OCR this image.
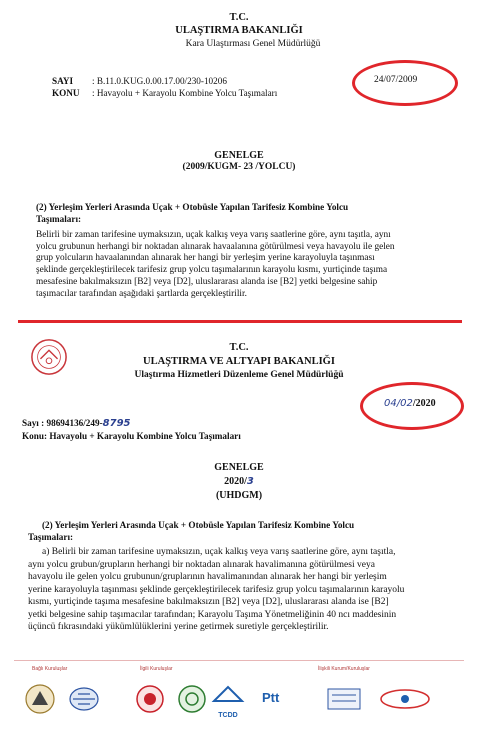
T.C.
ULAŞTIRMA BAKANLIĞI
Kara Ulaştırması Genel Müdürlüğü
SAYI : B.11.0.KUG.0.00.17.00/230-10206
KONU : Havayolu + Karayolu Kombine Yolcu Taşımaları
24/07/2009
GENELGE
(2009/KUGM- 23 /YOLCU)
(2) Yerleşim Yerleri Arasında Uçak + Otobüsle Yapılan Tarifesiz Kombine Yolcu
Taşımaları:
Belirli bir zaman tarifesine uymaksızın, uçak kalkış veya varış saatlerine göre, aynı taşıtla, aynı
yolcu grubunun herhangi bir noktadan alınarak havaalanına götürülmesi veya havayolu ile gelen
grup yolcuların havaalanından alınarak her hangi bir yerleşim yerine karayoluyla taşınması
şeklinde gerçekleştirilecek tarifesiz grup yolcu taşımalarının karayolu kısmı, yurtiçinde taşıma
mesafesine bakılmaksızın [B2] veya [D2], uluslararası alanda ise [B2] yetki belgesine sahip
taşımacılar tarafından aşağıdaki şartlarda gerçekleştirilir.
T.C.
ULAŞTIRMA VE ALTYAPI BAKANLIĞI
Ulaştırma Hizmetleri Düzenleme Genel Müdürlüğü
04/02/2020
Sayı : 98694136/249-8795
Konu: Havayolu + Karayolu Kombine Yolcu Taşımaları
GENELGE
2020/3
(UHDGM)
(2) Yerleşim Yerleri Arasında Uçak + Otobüsle Yapılan Tarifesiz Kombine Yolcu
Taşımaları:
a) Belirli bir zaman tarifesine uymaksızın, uçak kalkış veya varış saatlerine göre, aynı taşıtla,
aynı yolcu grubun/grupların herhangi bir noktadan alınarak havalimanına götürülmesi veya
havayolu ile gelen yolcu grubunun/gruplarının havalimanından alınarak her hangi bir yerleşim
yerine karayoluyla taşınması şeklinde gerçekleştirilecek tarifesiz grup yolcu taşımalarının karayolu
kısmı, yurtiçinde taşıma mesafesine bakılmaksızın [B2] veya [D2], uluslararası alanda ise [B2]
yetki belgesine sahip taşımacılar tarafından; Karayolu Taşıma Yönetmeliğinin 40 ncı maddesinin
üçüncü fıkrasındaki yükümlülüklerini yerine getirmek suretiyle gerçekleştirilir.
Bağlı Kuruluşlar	İlgili Kuruluşlar	İlişkili Kurum/Kuruluşlar
TCDD
Ptt
